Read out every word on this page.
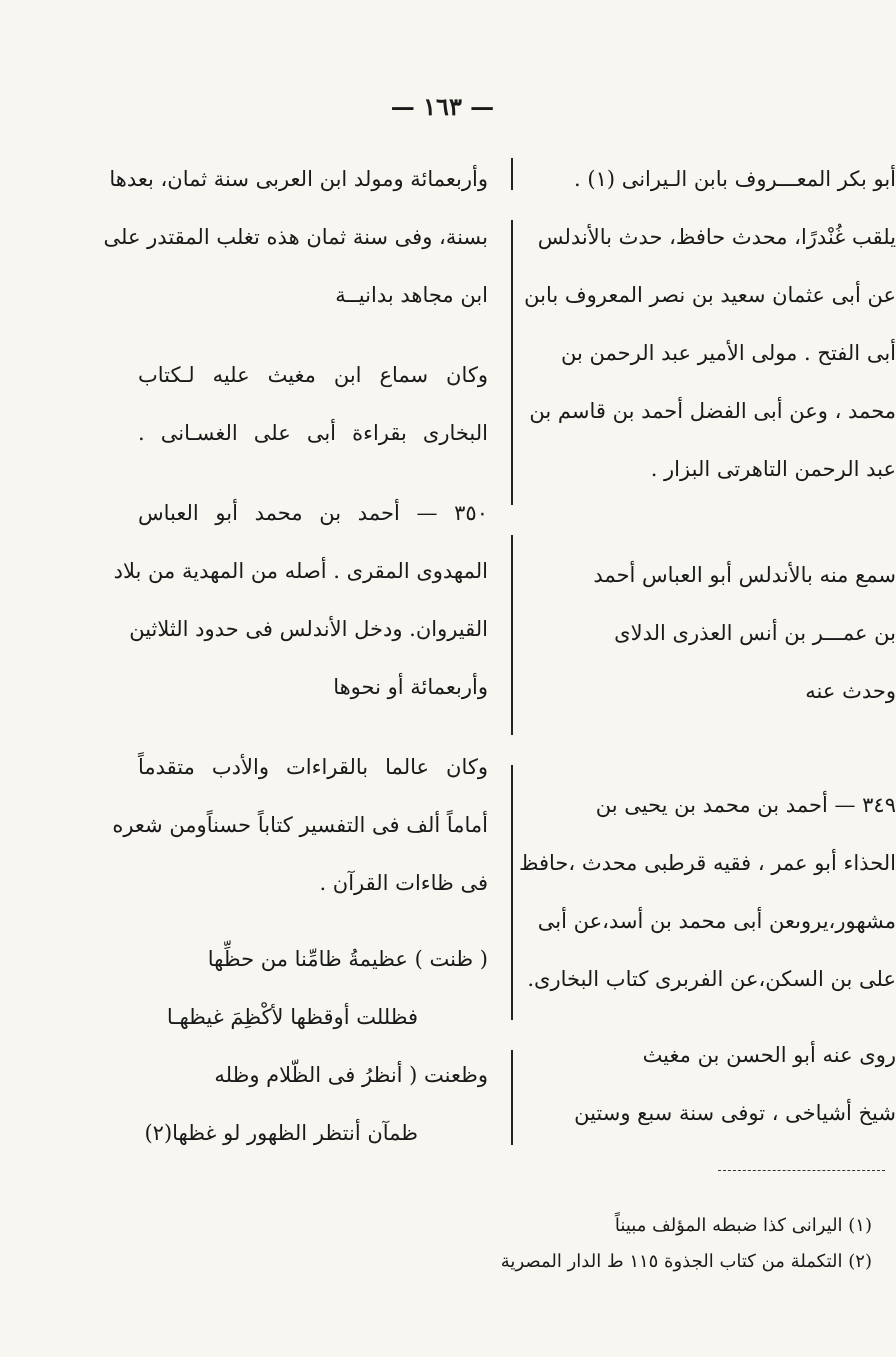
— ١٦٣ —
أبو بكر المعـــروف بابن الـيرانى (١) .
يلقب غُنْدرًا، محدث حافظ، حدث بالأندلس
عن أبى عثمان سعيد بن نصر المعروف بابن
أبى الفتح . مولى الأمير عبد الرحمن بن
محمد ، وعن أبى الفضل أحمد بن قاسم بن
عبد الرحمن التاهرتى البزار .
سمع منه بالأندلس أبو العباس أحمد
بن عمـــر بن أنس العذرى الدلاى
وحدث عنه
٣٤٩ — أحمد بن محمد بن يحيى بن
الحذاء أبو عمر ، فقيه قرطبى محدث ،حافظ
مشهور،يروىعن أبى محمد بن أسد،عن أبى
على بن السكن،عن الفربرى كتاب البخارى.
روى عنه أبو الحسن بن مغيث
شيخ أشياخى ، توفى سنة سبع وستين
وأربعمائة ومولد ابن العربى سنة ثمان، بعدها
بسنة، وفى سنة ثمان هذه تغلب المقتدر على
ابن مجاهد بدانيــة
وكان سماع ابن مغيث عليه لـكتاب
البخارى بقراءة أبى على الغسـانى .
٣٥٠ — أحمد بن محمد أبو العباس
المهدوى المقرى . أصله من المهدية من بلاد
القيروان. ودخل الأندلس فى حدود الثلاثين
وأربعمائة أو نحوها
وكان عالما بالقراءات والأدب متقدماً
أماماً ألف فى التفسير كتاباً حسناًومن شعره
فى ظاءات القرآن .
( ظنت ) عظيمةُ ظامِّنا من حظِّها
فظللت أوقظها لأكْظِمَ غيظهـا
وظعنت ( أنظرُ فى الظّلام وظله
ظمآن أنتظر الظهور لو غظها(٢)
(١) اليرانى كذا ضبطه المؤلف مبيناً
(٢) التكملة من كتاب الجذوة ١١٥ ط الدار المصرية
